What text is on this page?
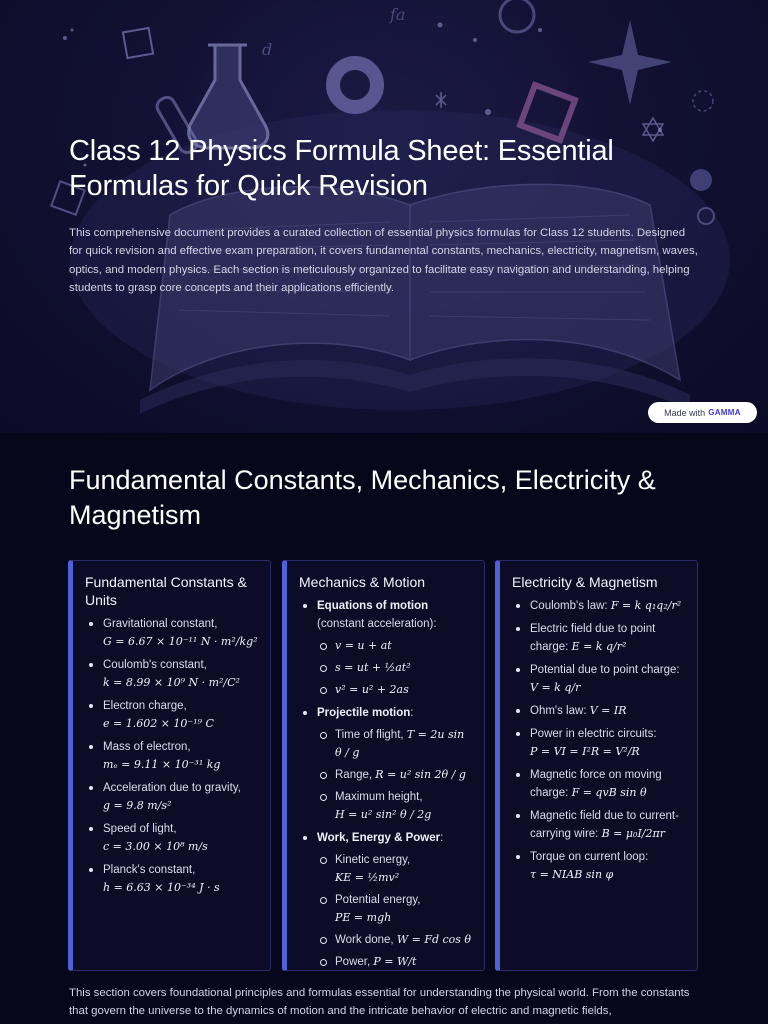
fa
d
Class 12 Physics Formula Sheet: Essential Formulas for Quick Revision

This comprehensive document provides a curated collection of essential physics formulas for Class 12 students. Designed for quick revision and effective exam preparation, it covers fundamental constants, mechanics, electricity, magnetism, waves, optics, and modern physics. Each section is meticulously organized to facilitate easy navigation and understanding, helping students to grasp core concepts and their applications efficiently.

Made with GAMMA
Fundamental Constants, Mechanics, Electricity & Magnetism
Fundamental Constants & Units
Gravitational constant,
G = 6.67 × 10⁻¹¹ N · m²/kg²
Coulomb's constant,
k = 8.99 × 10⁹ N · m²/C²
Electron charge,
e = 1.602 × 10⁻¹⁹ C
Mass of electron,
mₑ = 9.11 × 10⁻³¹ kg
Acceleration due to gravity,
g = 9.8 m/s²
Speed of light,
c = 3.00 × 10⁸ m/s
Planck's constant,
h = 6.63 × 10⁻³⁴ J · s
Mechanics & Motion
Equations of motion
(constant acceleration):
v = u + at
s = ut + ½at²
v² = u² + 2as
Projectile motion:
Time of flight, T = 2u sin θ / g
Range, R = u² sin 2θ / g
Maximum height,
H = u² sin² θ / 2g
Work, Energy & Power:
Kinetic energy,
KE = ½mv²
Potential energy,
PE = mgh
Work done, W = Fd cos θ
Power, P = W/t
Electricity & Magnetism
Coulomb's law: F = k q₁q₂/r²
Electric field due to point charge: E = k q/r²
Potential due to point charge:
V = k q/r
Ohm's law: V = IR
Power in electric circuits:
P = VI = I²R = V²/R
Magnetic force on moving charge: F = qvB sin θ
Magnetic field due to current-carrying wire: B = μ₀I/2πr
Torque on current loop:
τ = NIAB sin φ

This section covers foundational principles and formulas essential for understanding the physical world. From the constants that govern the universe to the dynamics of motion and the intricate behavior of electric and magnetic fields,
